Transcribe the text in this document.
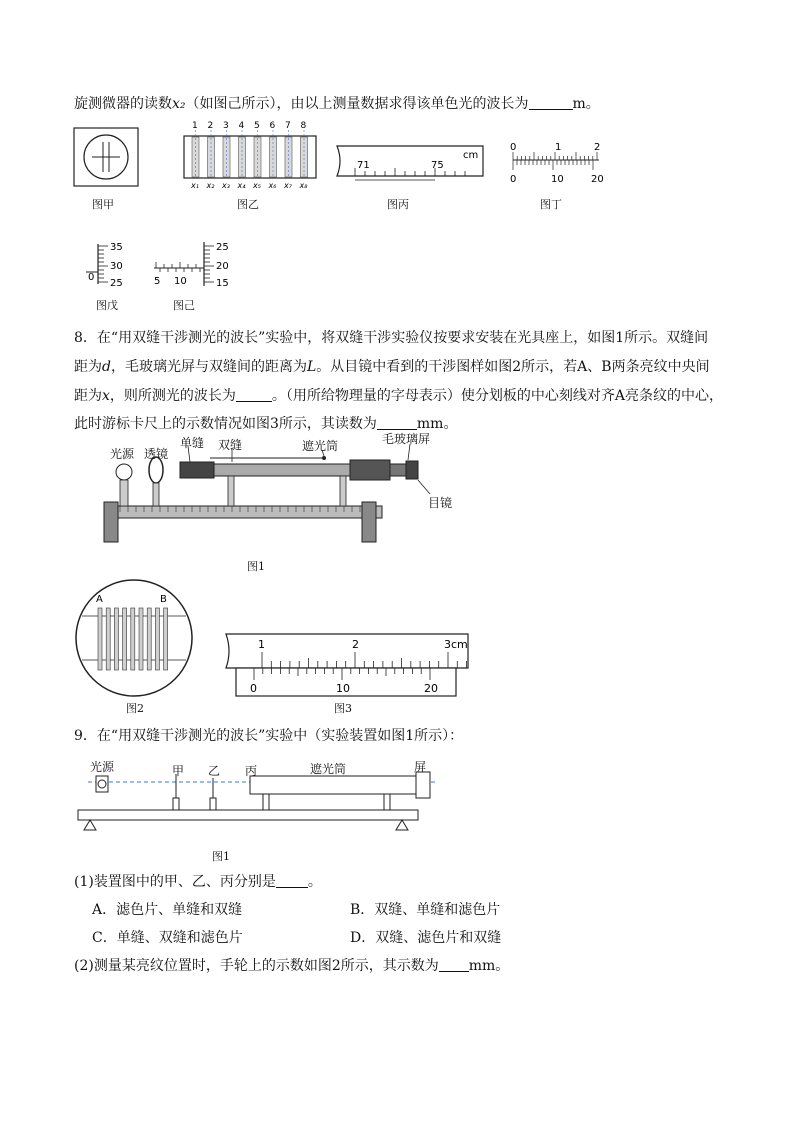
旋测微器的读数x₂（如图己所示），由以上测量数据求得该单色光的波长为	m。
图甲
1
x₁
2
x₂
3
x₃
4
x₄
5
x₅
6
x₆
7
x₇
8
x₈
图乙
71	75
cm
图丙
0	1	2
0	10	20
图丁
35
30
25
0
图戊
25
20
15
5 10
图己
8．在“用双缝干涉测光的波长”实验中，将双缝干涉实验仪按要求安装在光具座上，如图1所示。双缝间
距为d，毛玻璃光屏与双缝间的距离为L。从目镜中看到的干涉图样如图2所示，若A、B两条亮纹中央间
距为x，则所测光的波长为	。（用所给物理量的字母表示）使分划板的中心刻线对齐A亮条纹的中心，
此时游标卡尺上的示数情况如图3所示，其读数为	mm。
光源 透镜
单缝 双缝	遮光筒	毛玻璃屏
目镜
图1
A	B
图2
1	2	3cm
0	10	20
图3
9．在“用双缝干涉测光的波长”实验中（实验装置如图1所示）：
光源	甲 乙 丙	遮光筒	屏
图1
(1)装置图中的甲、乙、丙分别是 。
A．滤色片、单缝和双缝	B．双缝、单缝和滤色片
C．单缝、双缝和滤色片	D．双缝、滤色片和双缝
(2)测量某亮纹位置时，手轮上的示数如图2所示，其示数为 mm。
